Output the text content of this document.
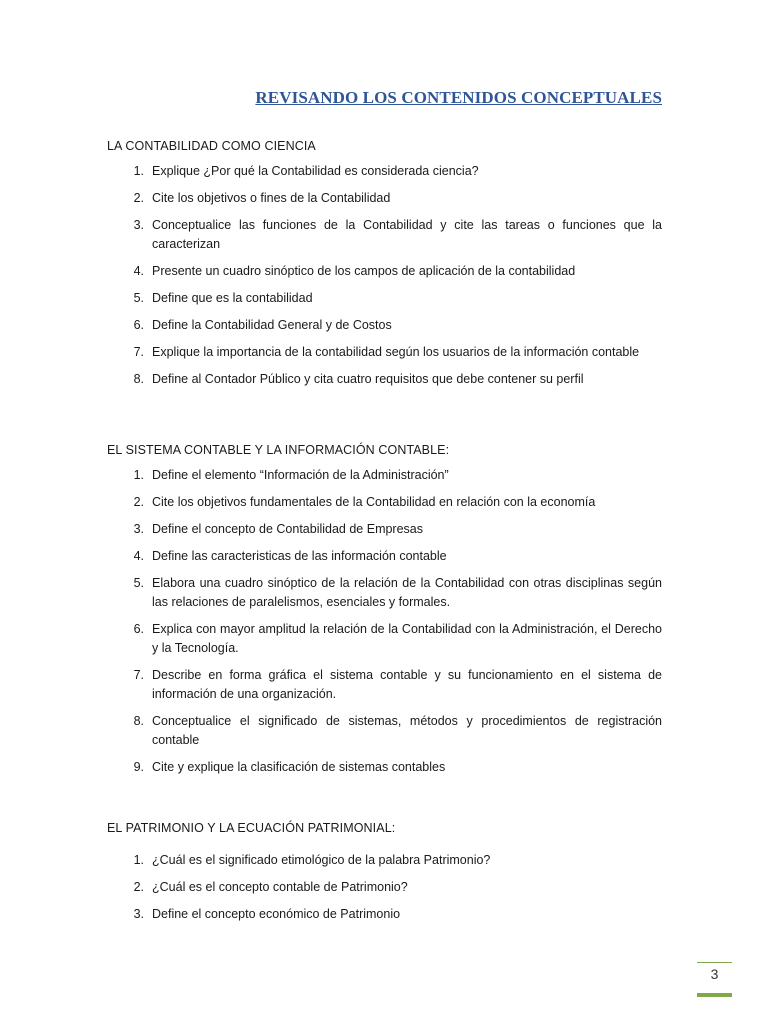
REVISANDO LOS CONTENIDOS CONCEPTUALES
LA CONTABILIDAD COMO CIENCIA
1. Explique ¿Por qué la Contabilidad es considerada ciencia?
2. Cite los objetivos o fines de la Contabilidad
3. Conceptualice las funciones de la Contabilidad y cite las tareas o funciones que la caracterizan
4. Presente un cuadro sinóptico de los campos de aplicación de la contabilidad
5. Define que es la contabilidad
6. Define la Contabilidad General y de Costos
7. Explique la importancia de la contabilidad según los usuarios de la información contable
8. Define al Contador Público y cita cuatro requisitos que debe contener su perfil
EL SISTEMA CONTABLE Y LA INFORMACIÓN CONTABLE:
1. Define el elemento “Información de la Administración”
2. Cite los objetivos fundamentales de la Contabilidad en relación con la economía
3. Define el concepto de Contabilidad de Empresas
4. Define las caracteristicas de las información contable
5. Elabora una cuadro sinóptico de la relación de la Contabilidad con otras disciplinas según las relaciones de paralelismos, esenciales y formales.
6. Explica con mayor amplitud la relación de la Contabilidad con la Administración, el Derecho y la Tecnología.
7. Describe en forma gráfica el sistema contable y su funcionamiento en el sistema de información de una organización.
8. Conceptualice el significado de sistemas, métodos y procedimientos de registración contable
9. Cite y explique la clasificación de sistemas contables
EL PATRIMONIO Y LA ECUACIÓN PATRIMONIAL:
1. ¿Cuál es el significado etimológico de la palabra Patrimonio?
2. ¿Cuál es el concepto contable de Patrimonio?
3. Define el concepto económico de Patrimonio
3
